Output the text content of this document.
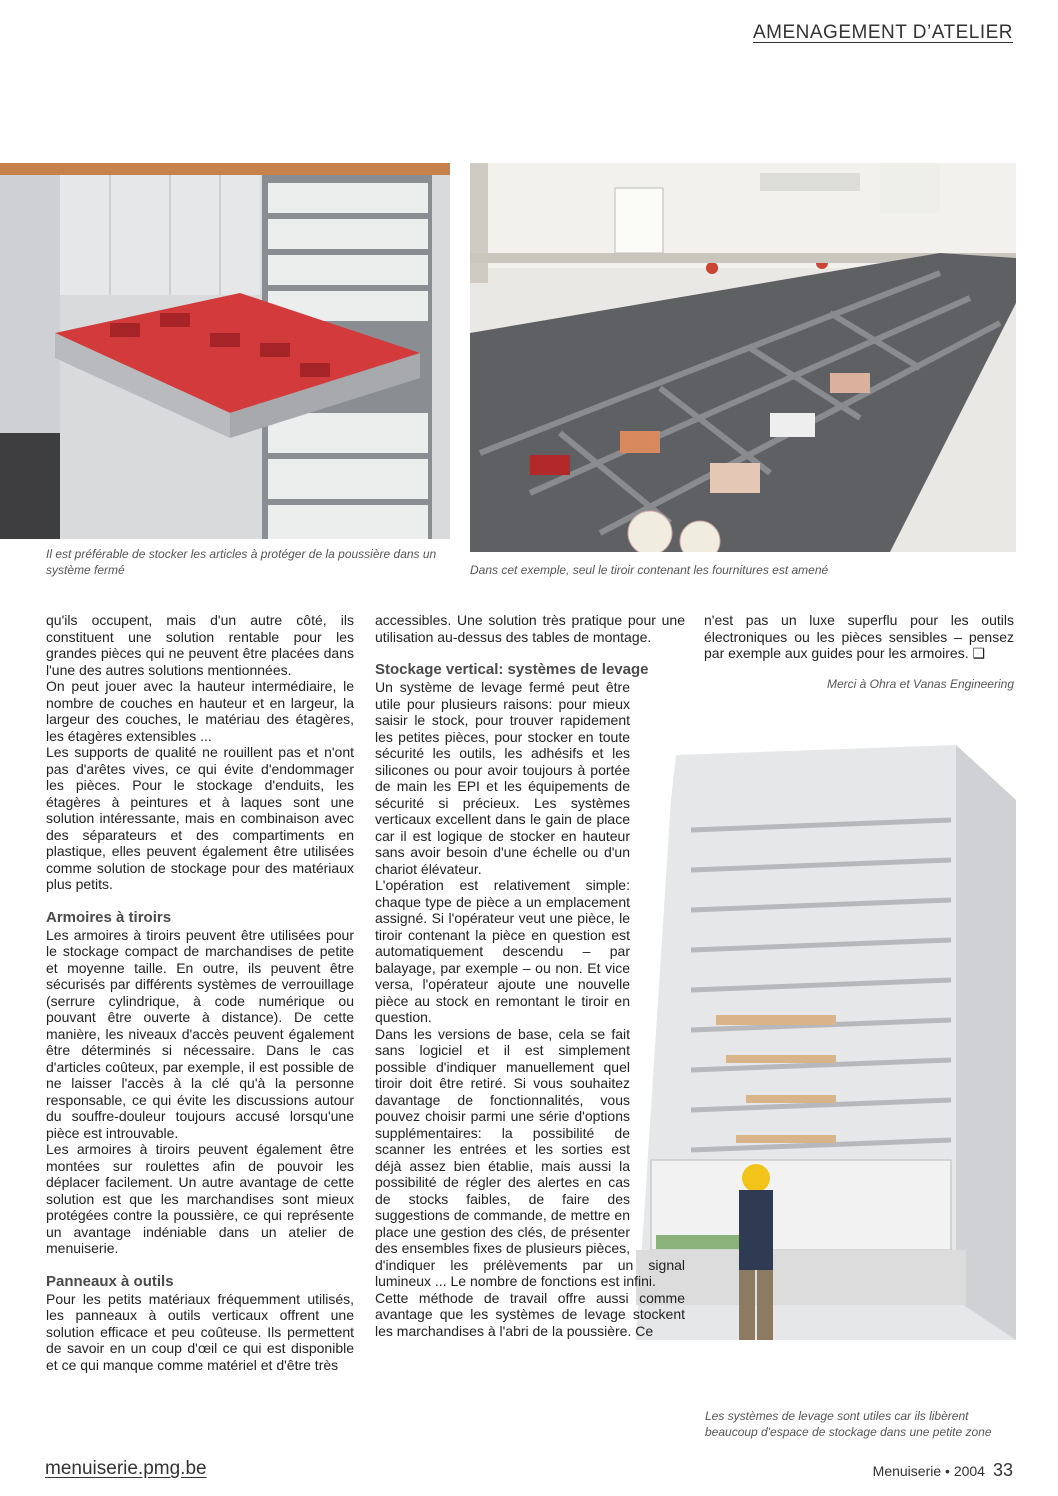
AMENAGEMENT D’ATELIER
Il est préférable de stocker les articles à protéger de la poussière dans un système fermé	Dans cet exemple, seul le tiroir contenant les fournitures est amené
Les systèmes de levage sont utiles car ils libèrent beaucoup d'espace de stockage dans une petite zone

qu'ils occupent, mais d'un autre côté, ils constituent une solution rentable pour les grandes pièces qui ne peuvent être placées dans l'une des autres solutions mentionnées.

On peut jouer avec la hauteur intermédiaire, le nombre de couches en hauteur et en largeur, la largeur des couches, le matériau des étagères, les étagères extensibles ...

Les supports de qualité ne rouillent pas et n'ont pas d'arêtes vives, ce qui évite d'endommager les pièces. Pour le stockage d'enduits, les étagères à peintures et à laques sont une solution intéressante, mais en combinaison avec des séparateurs et des compartiments en plastique, elles peuvent également être utilisées comme solution de stockage pour des matériaux plus petits.

Armoires à tiroirs

Les armoires à tiroirs peuvent être utilisées pour le stockage compact de marchandises de petite et moyenne taille. En outre, ils peuvent être sécurisés par différents systèmes de verrouillage (serrure cylindrique, à code numérique ou pouvant être ouverte à distance). De cette manière, les niveaux d'accès peuvent également être déterminés si nécessaire. Dans le cas d'articles coûteux, par exemple, il est possible de ne laisser l'accès à la clé qu'à la personne responsable, ce qui évite les discussions autour du souffre-douleur toujours accusé lorsqu'une pièce est introuvable.

Les armoires à tiroirs peuvent également être montées sur roulettes afin de pouvoir les déplacer facilement. Un autre avantage de cette solution est que les marchandises sont mieux protégées contre la poussière, ce qui représente un avantage indéniable dans un atelier de menuiserie.

Panneaux à outils

Pour les petits matériaux fréquemment utilisés, les panneaux à outils verticaux offrent une solution efficace et peu coûteuse. Ils permettent de savoir en un coup d'œil ce qui est disponible et ce qui manque comme matériel et d'être très

accessibles. Une solution très pratique pour une utilisation au-dessus des tables de montage.

Stockage vertical: systèmes de levage

Un système de levage fermé peut être utile pour plusieurs raisons: pour mieux saisir le stock, pour trouver rapidement les petites pièces, pour stocker en toute sécurité les outils, les adhésifs et les silicones ou pour avoir toujours à portée de main les EPI et les équipements de sécurité si précieux. Les systèmes verticaux excellent dans le gain de place car il est logique de stocker en hauteur sans avoir besoin d'une échelle ou d'un chariot élévateur.

L'opération est relativement simple: chaque type de pièce a un emplacement assigné. Si l'opérateur veut une pièce, le tiroir contenant la pièce en question est automatiquement descendu – par balayage, par exemple – ou non. Et vice versa, l'opérateur ajoute une nouvelle pièce au stock en remontant le tiroir en question.

Dans les versions de base, cela se fait sans logiciel et il est simplement possible d'indiquer manuellement quel tiroir doit être retiré. Si vous souhaitez davantage de fonctionnalités, vous pouvez choisir parmi une série d'options supplémentaires: la possibilité de scanner les entrées et les sorties est déjà assez bien établie, mais aussi la possibilité de régler des alertes en cas de stocks faibles, de faire des suggestions de commande, de mettre en place une gestion des clés, de présenter des ensembles fixes de plusieurs pièces, d'indiquer les prélèvements par un signal lumineux ... Le nombre de fonctions est infini.

Cette méthode de travail offre aussi comme avantage que les systèmes de levage stockent les marchandises à l'abri de la poussière. Ce

n'est pas un luxe superflu pour les outils électroniques ou les pièces sensibles – pensez par exemple aux guides pour les armoires. ❑

Merci à Ohra et Vanas Engineering
menuiserie.pmg.be	Menuiserie • 2004 33
